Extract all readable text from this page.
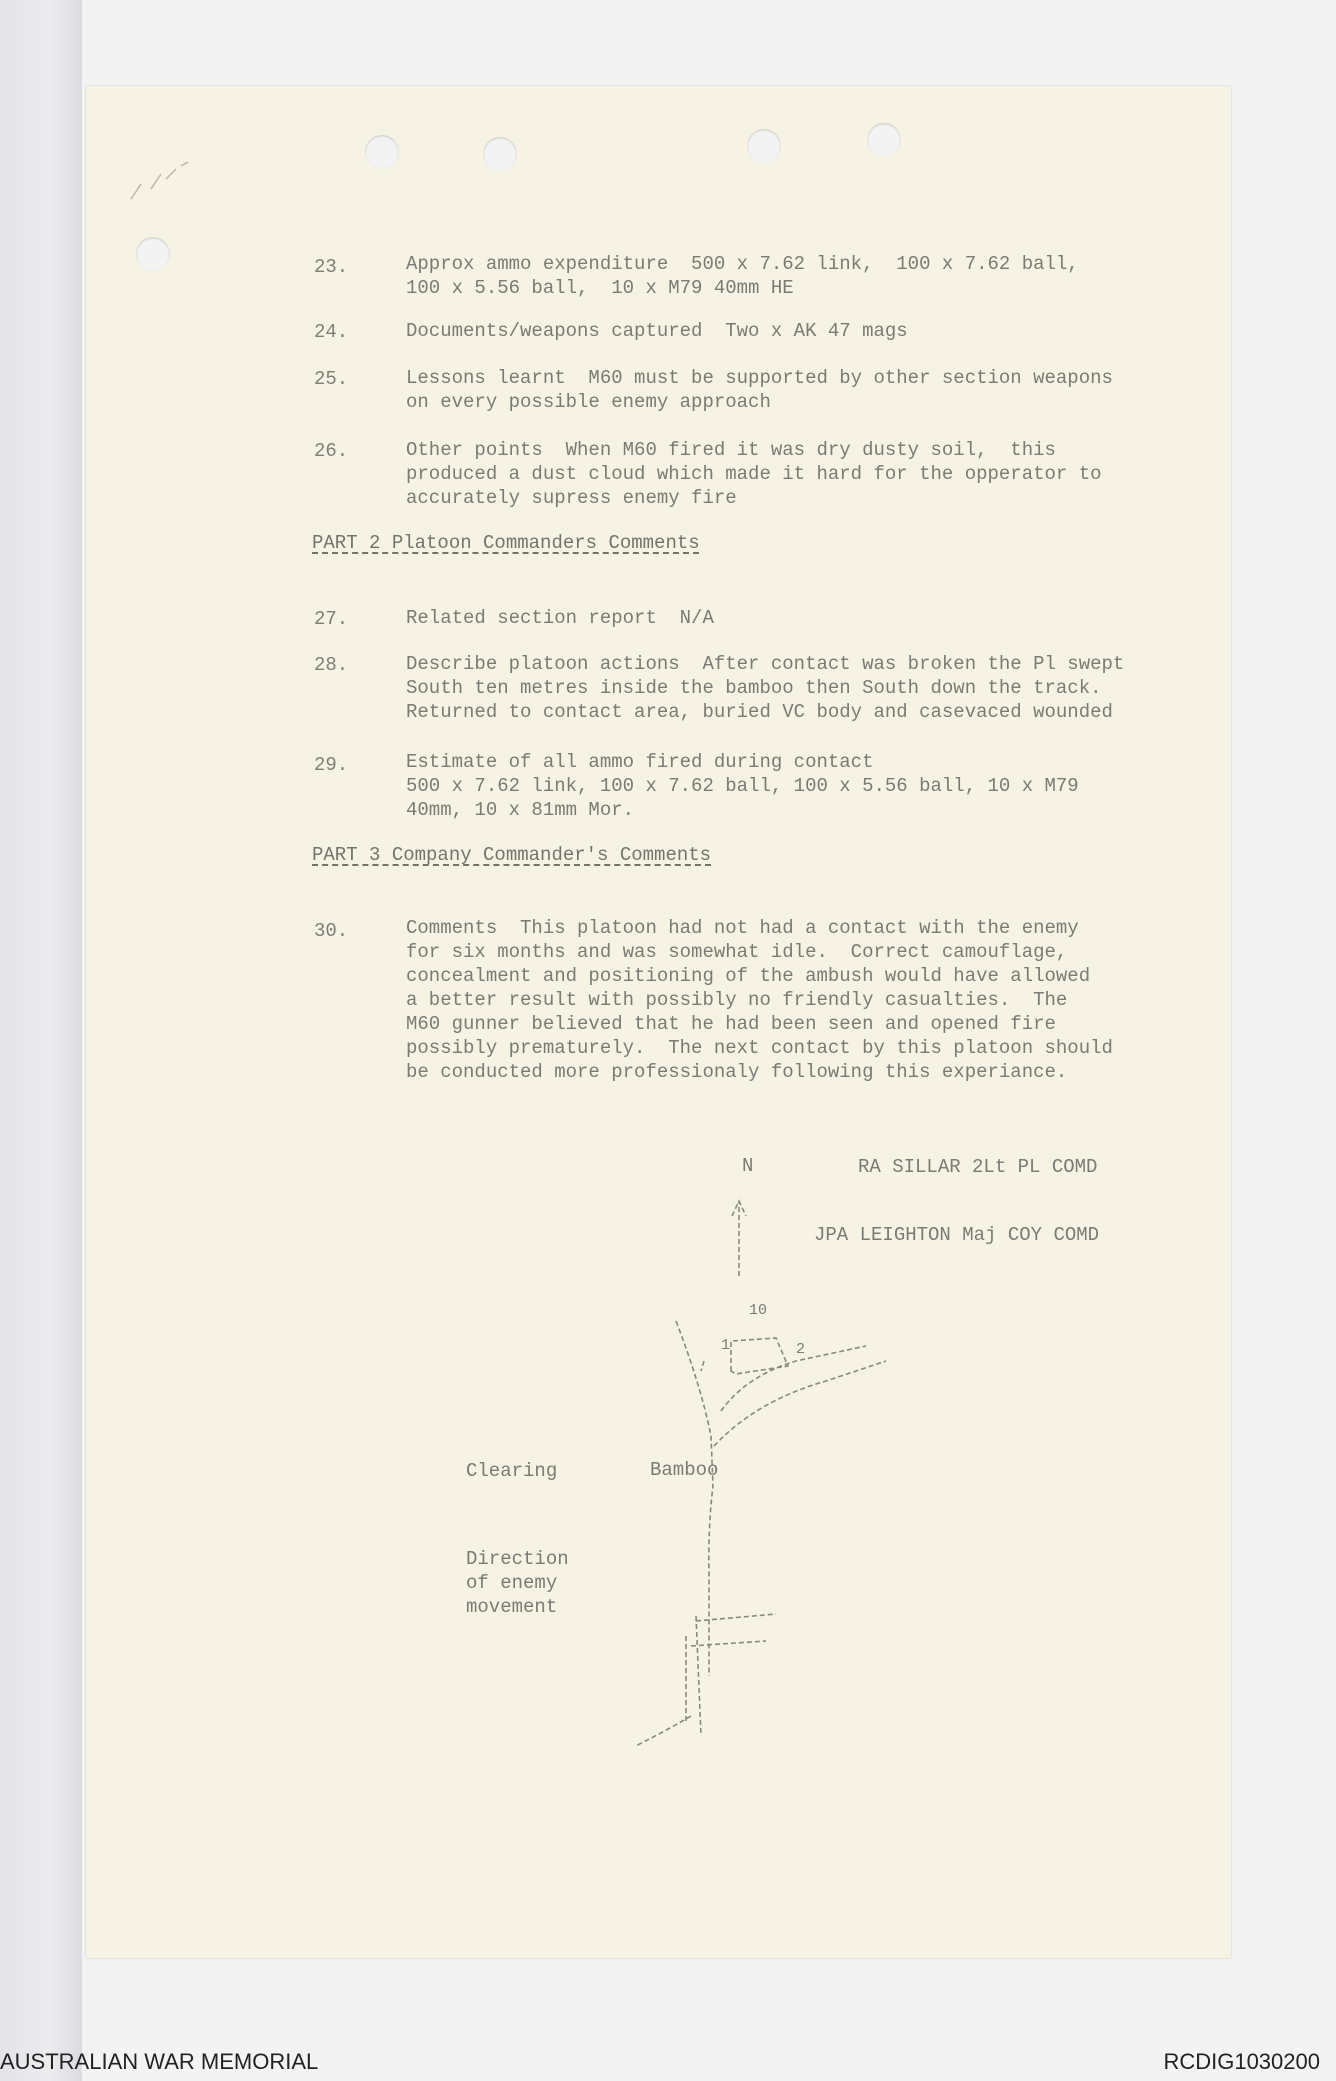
23.	Approx ammo expenditure  500 x 7.62 link,  100 x 7.62 ball,
100 x 5.56 ball,  10 x M79 40mm HE
24.	Documents/weapons captured  Two x AK 47 mags
25.	Lessons learnt  M60 must be supported by other section weapons
on every possible enemy approach
26.	Other points  When M60 fired it was dry dusty soil,  this
produced a dust cloud which made it hard for the opperator to
accurately supress enemy fire
PART 2 Platoon Commanders Comments
27.	Related section report  N/A
28.	Describe platoon actions  After contact was broken the Pl swept
South ten metres inside the bamboo then South down the track.
Returned to contact area, buried VC body and casevaced wounded
29.	Estimate of all ammo fired during contact
500 x 7.62 link, 100 x 7.62 ball, 100 x 5.56 ball, 10 x M79
40mm, 10 x 81mm Mor.
PART 3 Company Commander's Comments
30.	Comments  This platoon had not had a contact with the enemy
for six months and was somewhat idle.  Correct camouflage,
concealment and positioning of the ambush would have allowed
a better result with possibly no friendly casualties.  The
M60 gunner believed that he had been seen and opened fire
possibly prematurely.  The next contact by this platoon should
be conducted more professionaly following this experiance.
RA SILLAR 2Lt PL COMD
JPA LEIGHTON Maj COY COMD
N
10
1	2
Clearing	Bamboo
Direction
of enemy
movement
AUSTRALIAN WAR MEMORIAL	RCDIG1030200
